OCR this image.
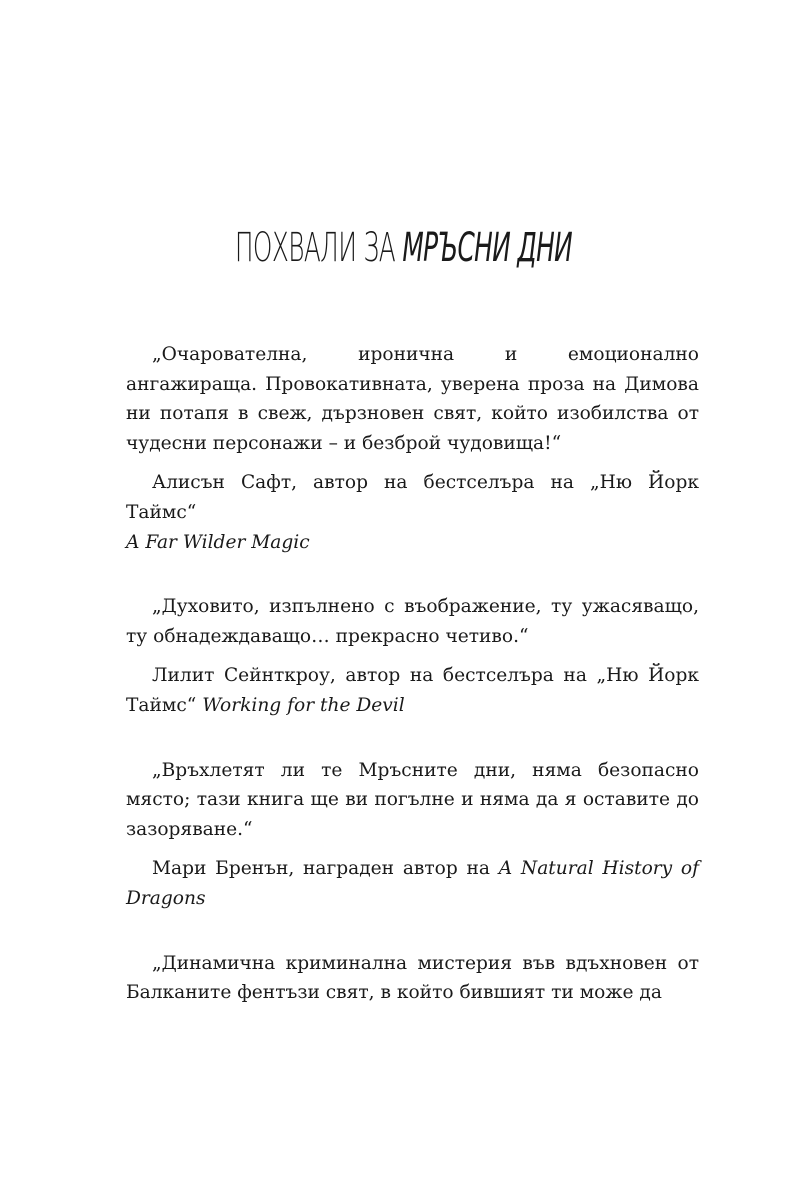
ПОХВАЛИ ЗА МРЪСНИ ДНИ

„Очарователна, иронична и емоционално ангажираща. Провокативната, уверена проза на Димова ни потапя в свеж, дързновен свят, който изобилства от чудесни персонажи – и безброй чудовища!“

Алисън Сафт, автор на бестселъра на „Ню Йорк Таймс“
A Far Wilder Magic

„Духовито, изпълнено с въображение, ту ужасяващо, ту обнадеждаващо… прекрасно четиво.“

Лилит Сейнткроу, автор на бестселъра на „Ню Йорк Таймс“ Working for the Devil

„Връхлетят ли те Мръсните дни, няма безопасно място; тази книга ще ви погълне и няма да я оставите до зазоряване.“

Мари Бренън, награден автор на A Natural History of Dragons

„Динамична криминална мистерия във вдъхновен от Балканите фентъзи свят, в който бившият ти може да
